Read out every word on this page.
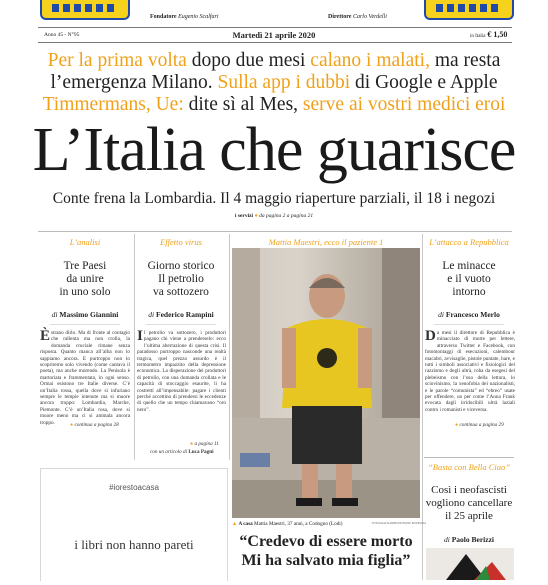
Fondatore Eugenio Scalfari	Direttore Carlo Verdelli
Anno 45 - N°95	Martedì 21 aprile 2020	in Italia € 1,50
Per la prima volta dopo due mesi calano i malati, ma resta
l’emergenza Milano. Sulla app i dubbi di Google e Apple
Timmermans, Ue: dite sì al Mes, serve ai vostri medici eroi
L’Italia che guarisce
Conte frena la Lombardia. Il 4 maggio riaperture parziali, il 18 i negozi
i servizi ● da pagina 2 a pagina 21
L’analisi
Tre Paesi
da unire
in uno solo
di Massimo Giannini
Èstrano dirlo. Ma di fronte al contagio che rallenta ma non crolla, la domanda cruciale rimane senza risposta. Quanto manca all’alba non lo sappiamo ancora. E purtroppo non lo scopriremo solo vivendo (come cantava il poeta), ma anche morendo. La Penisola è martoriata e frammentata, in ogni senso. Ormai esistono tre Italie diverse. C’è un’Italia rossa, quella dove si infuriano sempre le tempie intenute ma si muore ancora troppo: Lombardia, Marche, Piemonte. C’è un’Italia rosa, dove si muore meno ma ci si ammala ancora troppo.	● continua a pagina 28
Effetto virus
Giorno storico
Il petrolio
va sottozero
di Federico Rampini
Il petrolio va sottozero, i produttori pagano chi viene a prenderselo: ecco l’ultima aberrazione di questa crisi. Il paradosso purtroppo nasconde una realtà tragica, quel prezzo assurdo è il termometro impazzito della depressione economica. La disperazione dei produttori di petrolio, con una domanda crollata e le capacità di stoccaggio esaurite, li ha costretti all’impensabile: pagare i clienti perché accettino di prendersi le eccedenze di quello che un tempo chiamavano “oro nero”.
● a pagina 11
con un articolo di Luca Pagni
Mattia Maestri, ecco il paziente 1
▲ A casa Mattia Maestri, 37 anni, a Codogno (Lodi)	FOTOGRAFIA RIPRODUZIONE RISERVATA
“Credevo di essere morto
Mi ha salvato mia figlia”
L’attacco a Repubblica
Le minacce
e il vuoto
intorno
di Francesco Merlo
Da mesi il direttore di Repubblica è minacciato di morte per lettere, attraverso Twitter e Facebook, con fotomontaggi di esecuzioni, calembour macabri, avvisaglie, pistole puntate, bare, e tutti i simboli associativi e fisiologici del razzismo e degli ultrà, roba da esegesi del plebeismo con l’uso della lettura, lo sciovinismo, la xenofobia dei nazionalisti, e le parole “comunista” ed “ebreo” usate per offendere, un per come l’Anna Frank evocata dagli irriducibili ultrà laziali contro i romanisti e viceversa.
● continua a pagina 29
“Basta con Bella Ciao”
Così i neofascisti
vogliono cancellare
il 25 aprile
di Paolo Berizzi
#iorestoacasa
i libri non hanno pareti
